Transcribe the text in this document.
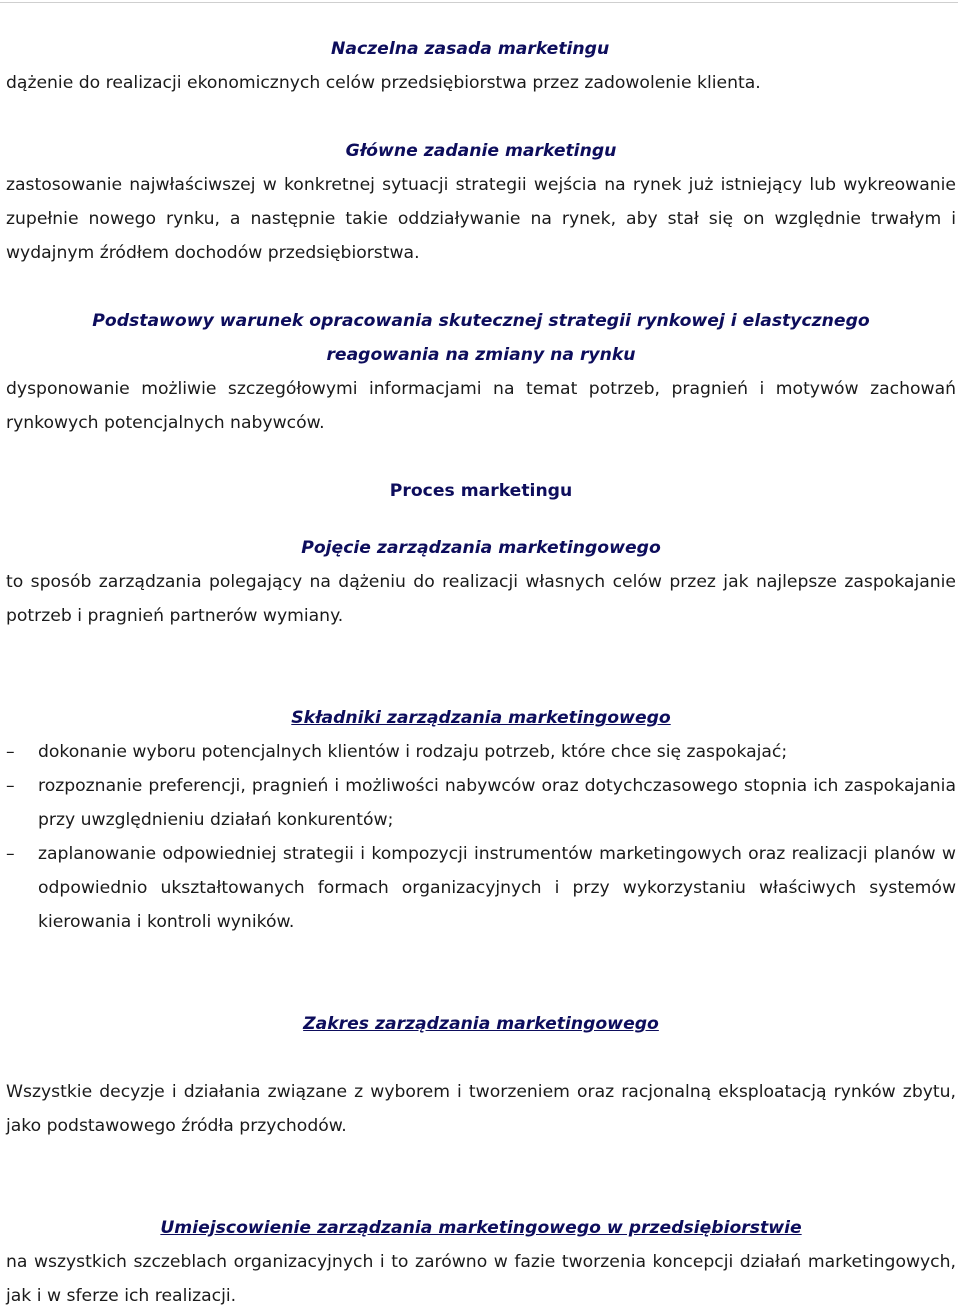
Naczelna zasada marketingu

dążenie do realizacji ekonomicznych celów przedsiębiorstwa przez zadowolenie klienta.

Główne zadanie marketingu

zastosowanie najwłaściwszej w konkretnej sytuacji strategii wejścia na rynek już istniejący lub wykreowanie zupełnie nowego rynku, a następnie takie oddziaływanie na rynek, aby stał się on względnie trwałym i wydajnym źródłem dochodów przedsiębiorstwa.

Podstawowy warunek opracowania skutecznej strategii rynkowej i elastycznego reagowania na zmiany na rynku

dysponowanie możliwie szczegółowymi informacjami na temat potrzeb, pragnień i motywów zachowań rynkowych potencjalnych nabywców.

Proces marketingu

Pojęcie zarządzania marketingowego

to sposób zarządzania polegający na dążeniu do realizacji własnych celów przez jak najlepsze zaspokajanie potrzeb i pragnień partnerów wymiany.

Składniki zarządzania marketingowego

– dokonanie wyboru potencjalnych klientów i rodzaju potrzeb, które chce się zaspokajać;
– rozpoznanie preferencji, pragnień i możliwości nabywców oraz dotychczasowego stopnia ich zaspokajania przy uwzględnieniu działań konkurentów;
– zaplanowanie odpowiedniej strategii i kompozycji instrumentów marketingowych oraz realizacji planów w odpowiednio ukształtowanych formach organizacyjnych i przy wykorzystaniu właściwych systemów kierowania i kontroli wyników.

Zakres zarządzania marketingowego

Wszystkie decyzje i działania związane z wyborem i tworzeniem oraz racjonalną eksploatacją rynków zbytu, jako podstawowego źródła przychodów.

Umiejscowienie zarządzania marketingowego w przedsiębiorstwie

na wszystkich szczeblach organizacyjnych i to zarówno w fazie tworzenia koncepcji działań marketingowych, jak i w sferze ich realizacji.
